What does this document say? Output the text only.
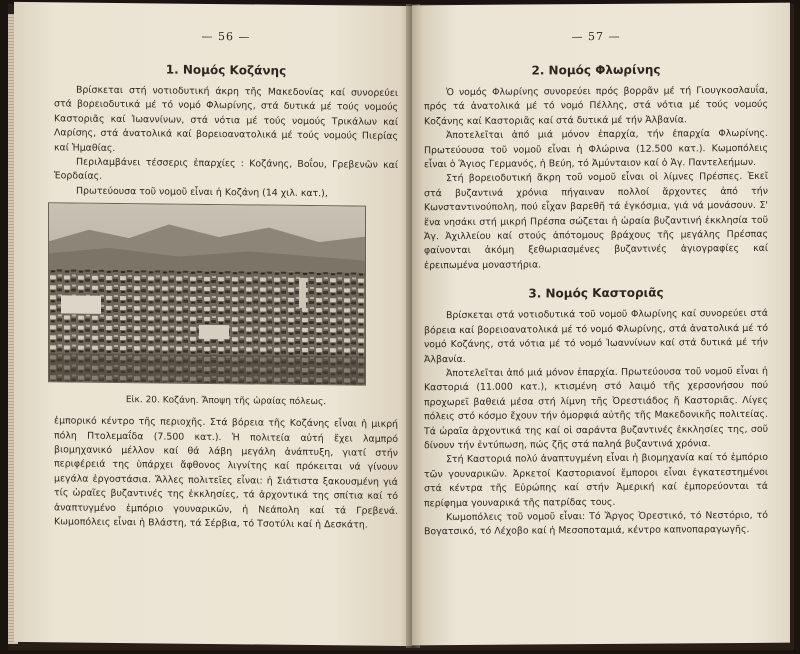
— 56 —
1. Νομός Κοζάνης

Βρίσκεται στή νοτιοδυτική άκρη τῆς Μακεδονίας καί συνορεύει στά βορειοδυτικά μέ τό νομό Φλωρίνης, στά δυτικά μέ τούς νομούς Καστοριᾶς καί Ἰωαννίνων, στά νότια μέ τούς νομούς Τρικάλων καί Λαρίσης, στά ἀνατολικά καί βορειοανατολικά μέ τούς νομούς Πιερίας καί Ἡμαθίας.

Περιλαμβάνει τέσσερις ἐπαρχίες : Κοζάνης, Βοΐου, Γρεβενῶν καί Ἐορδαίας.

Πρωτεύουσα τοῦ νομοῦ εἶναι ἡ Κοζάνη (14 χιλ. κατ.),

Εἰκ. 20. Κοζάνη. Ἄποψη τῆς ὡραίας πόλεως.

ἐμπορικό κέντρο τῆς περιοχῆς. Στά βόρεια τῆς Κοζάνης εἶναι ἡ μικρή πόλη Πτολεμαΐδα (7.500 κατ.). Ἡ πολιτεία αὐτή ἔχει λαμπρό βιομηχανικό μέλλον καί θά λάβη μεγάλη ἀνάπτυξη, γιατί στήν περιφέρειά της ὑπάρχει ἄφθονος λιγνίτης καί πρόκειται νά γίνουν μεγάλα ἐργοστάσια. Ἄλλες πολιτεῖες εἶναι: ἡ Σιάτιστα ξακουσμένη γιά τίς ὡραῖες βυζαντινές της ἐκκλησίες, τά ἀρχοντικά της σπίτια καί τό ἀναπτυγμένο ἐμπόριο γουναρικῶν, ἡ Νεάπολη καί τά Γρεβενά. Κωμοπόλεις εἶναι ἡ Βλάστη, τά Σέρβια, τό Τσοτύλι καί ἡ Δεσκάτη.

— 57 —
2. Νομός Φλωρίνης

Ὁ νομός Φλωρίνης συνορεύει πρός βορρᾶν μέ τή Γιουγκοσλαυΐα, πρός τά ἀνατολικά μέ τό νομό Πέλλης, στά νότια μέ τούς νομούς Κοζάνης καί Καστοριᾶς καί στά δυτικά μέ τήν Ἀλβανία.

Ἀποτελεῖται ἀπό μιά μόνον ἐπαρχία, τήν ἐπαρχία Φλωρίνης. Πρωτεύουσα τοῦ νομοῦ εἶναι ἡ Φλώρινα (12.500 κατ.). Κωμοπόλεις εἶναι ὁ Ἅγιος Γερμανός, ἡ Βεύη, τό Ἀμύνταιον καί ὁ Ἁγ. Παντελεήμων.

Στή βορειοδυτική ἄκρη τοῦ νομοῦ εἶναι οἱ λίμνες Πρέσπες. Ἐκεῖ στά βυζαντινά χρόνια πήγαιναν πολλοί ἄρχοντες ἀπό τήν Κωνσταντινούπολη, πού εἶχαν βαρεθῆ τά ἐγκόσμια, γιά νά μονάσουν. Σ' ἕνα νησάκι στή μικρή Πρέσπα σώζεται ἡ ὡραία βυζαντινή ἐκκλησία τοῦ Ἁγ. Ἀχιλλείου καί στούς ἀπότομους βράχους τῆς μεγάλης Πρέσπας φαίνονται ἀκόμη ξεθωριασμένες βυζαντινές ἁγιογραφίες καί ἐρειπωμένα μοναστήρια.

3. Νομός Καστοριᾶς

Βρίσκεται στά νοτιοδυτικά τοῦ νομοῦ Φλωρίνης καί συνορεύει στά βόρεια καί βορειοανατολικά μέ τό νομό Φλωρίνης, στά ἀνατολικά μέ τό νομό Κοζάνης, στά νότια μέ τό νομό Ἰωαννίνων καί στά δυτικά μέ τήν Ἀλβανία.

Ἀποτελεῖται ἀπό μιά μόνον ἐπαρχία. Πρωτεύουσα τοῦ νομοῦ εἶναι ἡ Καστοριά (11.000 κατ.), κτισμένη στό λαιμό τῆς χερσονήσου πού προχωρεῖ βαθειά μέσα στή λίμνη τῆς Ὀρεστιάδος ἤ Καστοριᾶς. Λίγες πόλεις στό κόσμο ἔχουν τήν ὀμορφιά αὐτῆς τῆς Μακεδονικῆς πολιτείας. Τά ὡραῖα ἀρχοντικά της καί οἱ σαράντα βυζαντινές ἐκκλησίες της, σοῦ δίνουν τήν ἐντύπωση, πώς ζῆς στά παληά βυζαντινά χρόνια.

Στή Καστοριά πολύ ἀναπτυγμένη εἶναι ἡ βιομηχανία καί τό ἐμπόριο τῶν γουναρικῶν. Ἀρκετοί Καστοριανοί ἔμποροι εἶναι ἐγκατεστημένοι στά κέντρα τῆς Εὐρώπης καί στήν Ἀμερική καί ἐμπορεύονται τά περίφημα γουναρικά τῆς πατρίδας τους.

Κωμοπόλεις τοῦ νομοῦ εἶναι: Τό Ἄργος Ὀρεστικό, τό Νεστόριο, τό Βογατσικό, τό Λέχοβο καί ἡ Μεσοποταμιά, κέντρο καπνοπαραγωγῆς.
